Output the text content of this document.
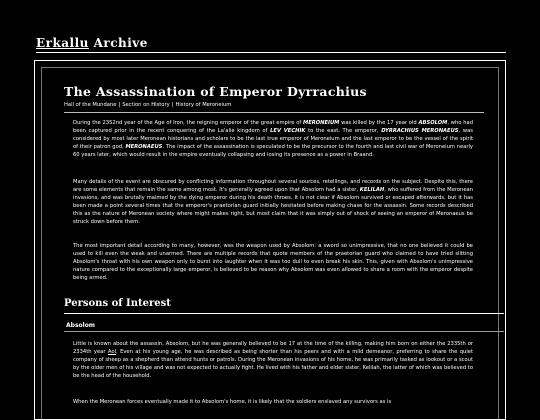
Erkallu Archive
The Assassination of Emperor Dyrrachius
Hall of the Mundane | Section on History | History of Meroneium

During the 2352nd year of the Age of Iron, the reigning emperor of the great empire of MERONEIUM was killed by the 17 year old ABSOLOM, who had been captured prior in the recent conquering of the La'alie kingdom of LEV VECHIK to the east. The emperor, DYRRACHIUS MERONAEUS, was considered by most later Meronean historians and scholars to be the last true emperor of Meroneium and the last emperor to be the vessel of the spirit of their patron god, MERONAEUS. The impact of the assassination is speculated to be the precursor to the fourth and last civil war of Meroneium nearly 60 years later, which would result in the empire eventually collapsing and losing its presence as a power in Braand.

Many details of the event are obscured by conflicting information throughout several sources, retellings, and records on the subject. Despite this, there are some elements that remain the same among most. It's generally agreed upon that Absolom had a sister, KELILAH, who suffered from the Meronean invasions, and was brutally maimed by the dying emperor during his death throes. It is not clear if Absolom survived or escaped afterwards, but it has been made a point several times that the emperor's praetorian guard initially hesitated before making chase for the assassin. Some records described this as the nature of Meronean society where might makes right, but most claim that it was simply out of shock of seeing an emperor of Meronaeus be struck down before them.

The most important detail according to many, however, was the weapon used by Absolom: a sword so unimpressive, that no one believed it could be used to kill even the weak and unarmed. There are multiple records that quote members of the praetorian guard who claimed to have tried slitting Absolom's throat with his own weapon only to burst into laughter when it was too dull to even break his skin. This, given with Absolom's unimpressive nature compared to the exceptionally large emperor, is believed to be reason why Absolom was even allowed to share a room with the emperor despite being armed.

Persons of Interest
Absolom

Little is known about the assassin, Absolom, but he was generally believed to be 17 at the time of the killing, making him born on either the 2335th or 2334th year AoI. Even at his young age, he was described as being shorter than his peers and with a mild demeanor, preferring to share the quiet company of sheep as a shepherd than attend hunts or patrols. During the Meronean invasions of his home, he was primarily tasked as lookout or a scout by the older men of his village and was not expected to actually fight. He lived with his father and elder sister, Kelilah, the latter of which was believed to be the head of the household.

When the Meronean forces eventually made it to Absolom's home, it is likely that the soldiers enslaved any survivors as is
